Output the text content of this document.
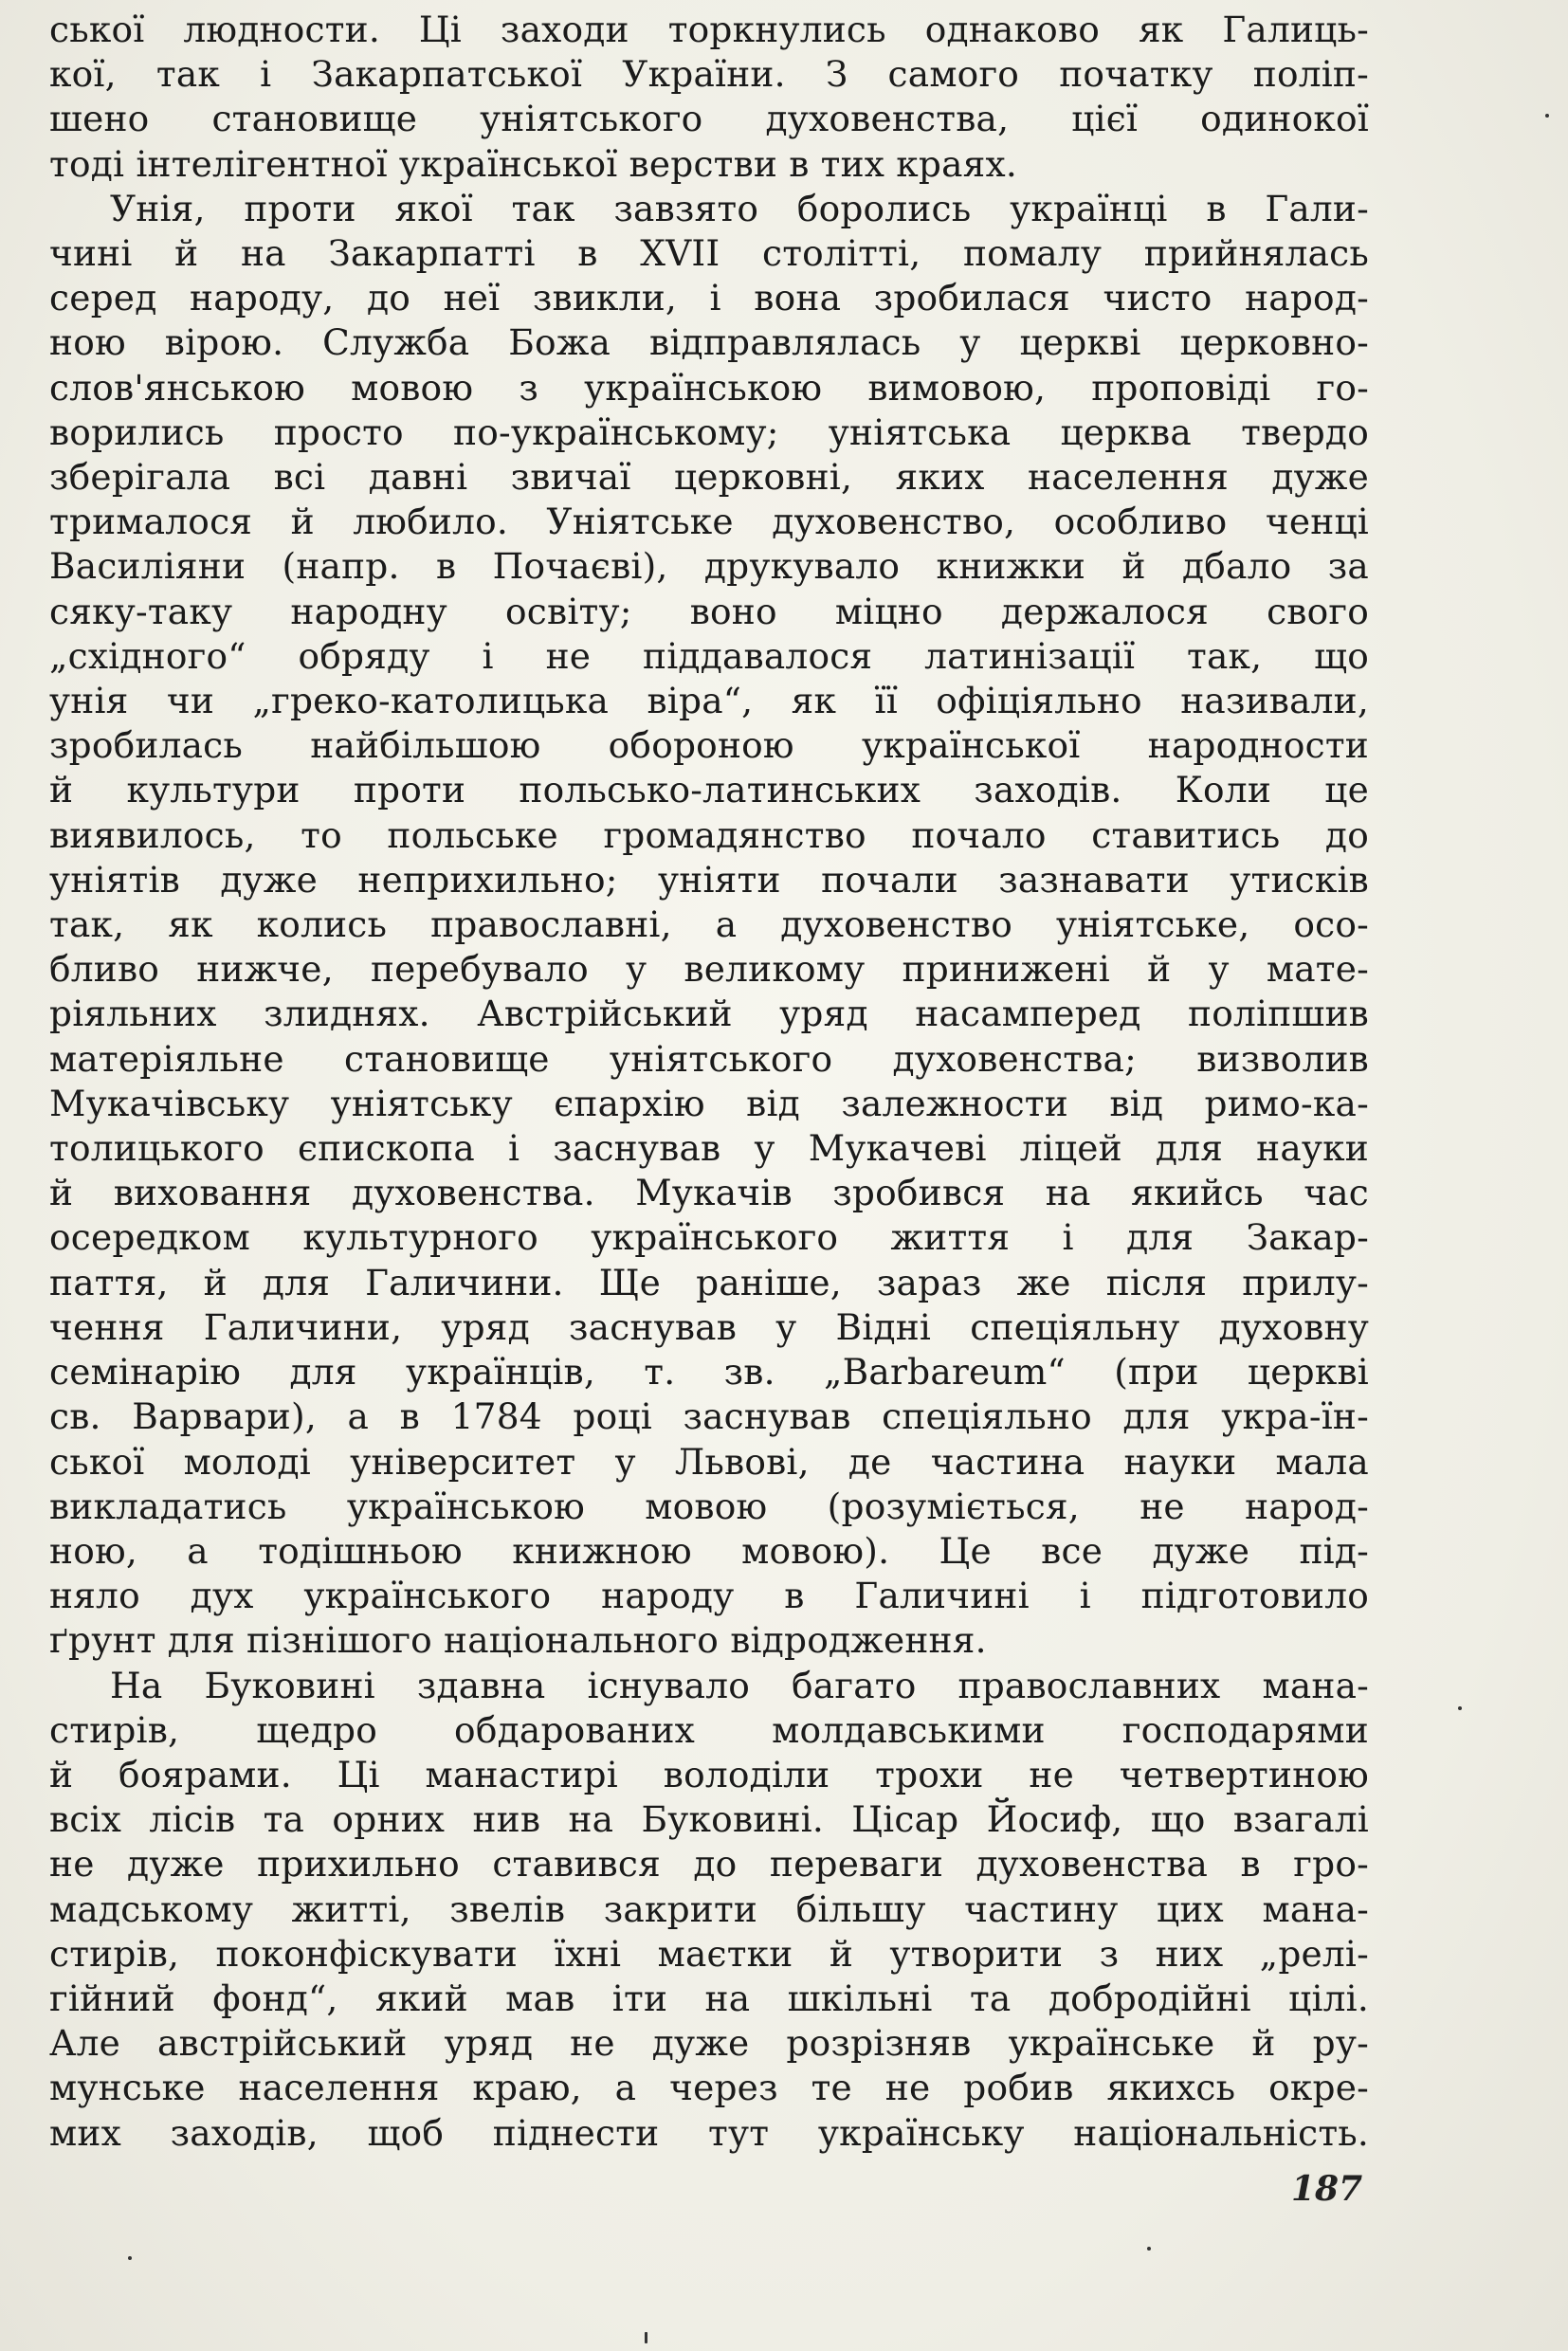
ської людности. Ці заходи торкнулись однаково як Галиць-
кої, так і Закарпатської України. З самого початку поліп-
шено становище уніятського духовенства, цієї одинокої
тоді інтелігентної української верстви в тих краях.
Унія, проти якої так завзято боролись українці в Гали-
чині й на Закарпатті в XVII столітті, помалу прийнялась
серед народу, до неї звикли, і вона зробилася чисто народ-
ною вірою. Служба Божа відправлялась у церкві церковно-
слов'янською мовою з українською вимовою, проповіді го-
ворились просто по-українському; уніятська церква твердо
зберігала всі давні звичаї церковні, яких населення дуже
трималося й любило. Уніятське духовенство, особливо ченці
Василіяни (напр. в Почаєві), друкувало книжки й дбало за
сяку-таку народну освіту; воно міцно держалося свого
„східного“ обряду і не піддавалося латинізації так, що
унія чи „греко-католицька віра“, як її офіціяльно називали,
зробилась найбільшою обороною української народности
й культури проти польсько-латинських заходів. Коли це
виявилось, то польське громадянство почало ставитись до
уніятів дуже неприхильно; уніяти почали зазнавати утисків
так, як колись православні, а духовенство уніятське, осо-
бливо нижче, перебувало у великому принижені й у мате-
ріяльних злиднях. Австрійський уряд насамперед поліпшив
матеріяльне становище уніятського духовенства; визволив
Мукачівську уніятську єпархію від залежности від римо-ка-
толицького єпископа і заснував у Мукачеві ліцей для науки
й виховання духовенства. Мукачів зробився на якийсь час
осередком культурного українського життя і для Закар-
паття, й для Галичини. Ще раніше, зараз же після прилу-
чення Галичини, уряд заснував у Відні спеціяльну духовну
семінарію для українців, т. зв. „Barbareum“ (при церкві
св. Варвари), а в 1784 році заснував спеціяльно для укра-їн-
ської молоді університет у Львові, де частина науки мала
викладатись українською мовою (розуміється, не народ-
ною, а тодішньою книжною мовою). Це все дуже під-
няло дух українського народу в Галичині і підготовило
ґрунт для пізнішого національного відродження.
На Буковині здавна існувало багато православних мана-
стирів, щедро обдарованих молдавськими господарями
й боярами. Ці манастирі володіли трохи не четвертиною
всіх лісів та орних нив на Буковині. Цісар Йосиф, що взагалі
не дуже прихильно ставився до переваги духовенства в гро-
мадському житті, звелів закрити більшу частину цих мана-
стирів, поконфіскувати їхні маєтки й утворити з них „релі-
гійний фонд“, який мав іти на шкільні та добродійні цілі.
Але австрійський уряд не дуже розрізняв українське й ру-
мунське населення краю, а через те не робив якихсь окре-
мих заходів, щоб піднести тут українську національність.
187
